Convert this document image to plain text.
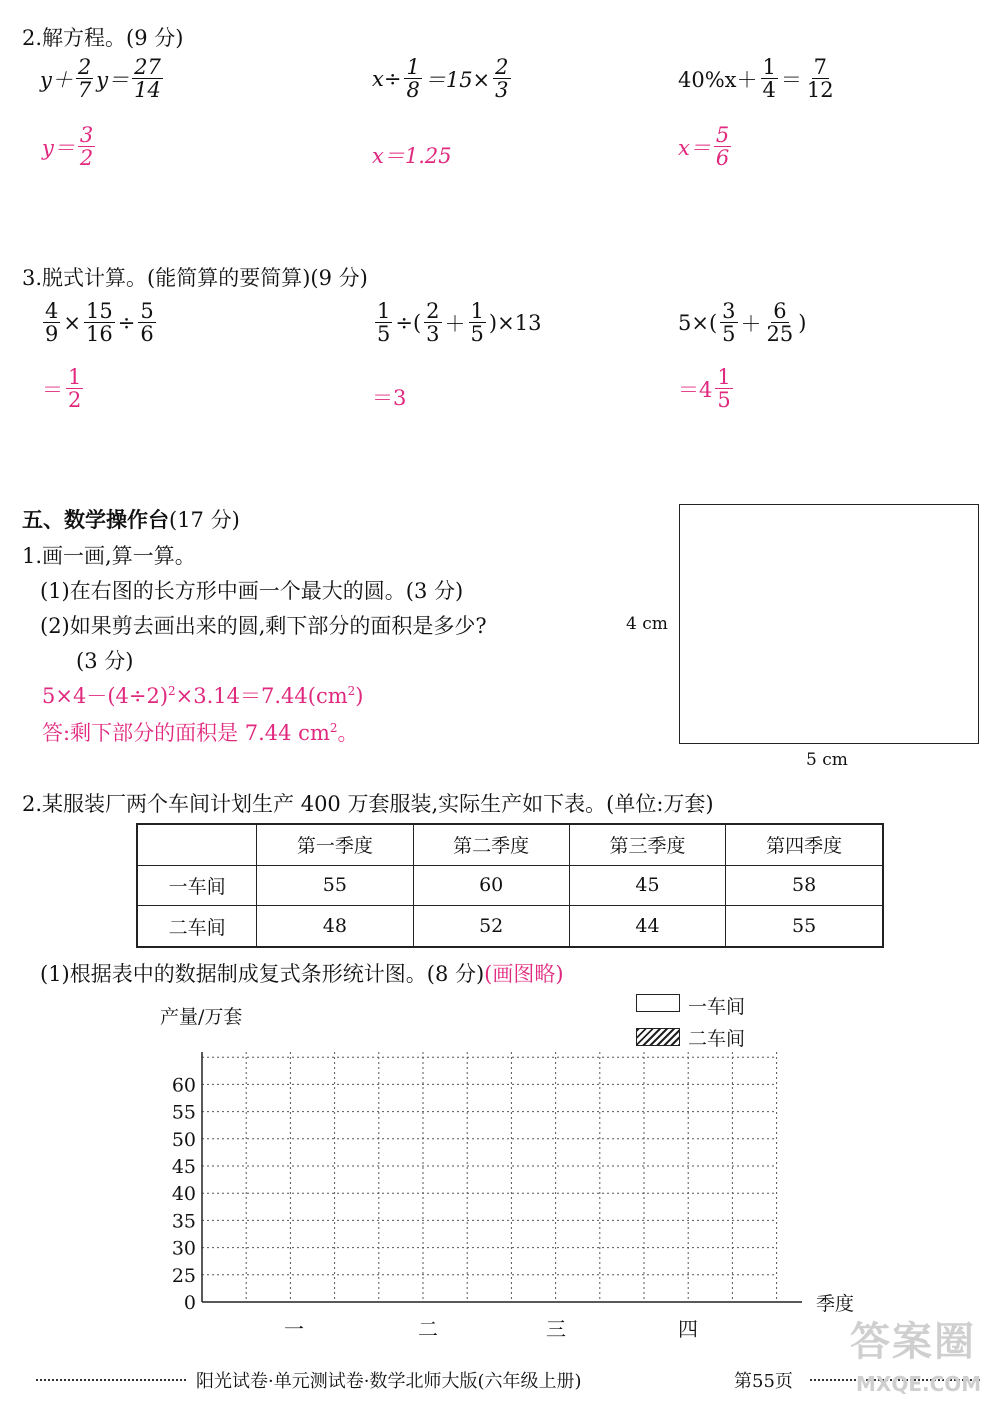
2.解方程。(9 分)
$y+ \frac{2}{7} y= \frac{27}{14}$	$x\div \frac{1}{8} =15\times \frac{2}{3}$	$40\%x+ \frac{1}{4} = \frac{7}{12}$
$y= \frac{3}{2}$	x＝1.25	$x= \frac{5}{6}$
3.脱式计算。(能简算的要简算)(9 分)
$\frac{4}{9} \times \frac{15}{16} \div \frac{5}{6}$	$\frac{1}{5}$ ÷( $\frac{2}{3} + \frac{1}{5} )\times 13$	$5\times( \frac{3}{5} + \frac{6}{25}$ )
＝ $\frac{1}{2}$	＝3	$=4 \frac{1}{5}$
五、数学操作台(17 分)
1.画一画,算一算。
(1)在右图的长方形中画一个最大的圆。(3 分)
(2)如果剪去画出来的圆,剩下部分的面积是多少?
(3 分)
$5\times 4-(4\div 2)^2\times 3.14=7.44(cm^2)$
答:剩下部分的面积是 7.44 $cm^2$。
4 cm
5 cm
2.某服装厂两个车间计划生产 400 万套服装,实际生产如下表。(单位:万套)
	第一季度	第二季度	第三季度	第四季度
一车间	55	60	45	58
二车间	48	52	44	55
(1)根据表中的数据制成复式条形统计图。(8 分)(画图略)
产量/万套	一车间
二车间
0
25
30
35
40
45
50
55
60
一	二	三	四
季度
阳光试卷·单元测试卷·数学北师大版(六年级上册)	第55页
答案圈
MXQE.COM
